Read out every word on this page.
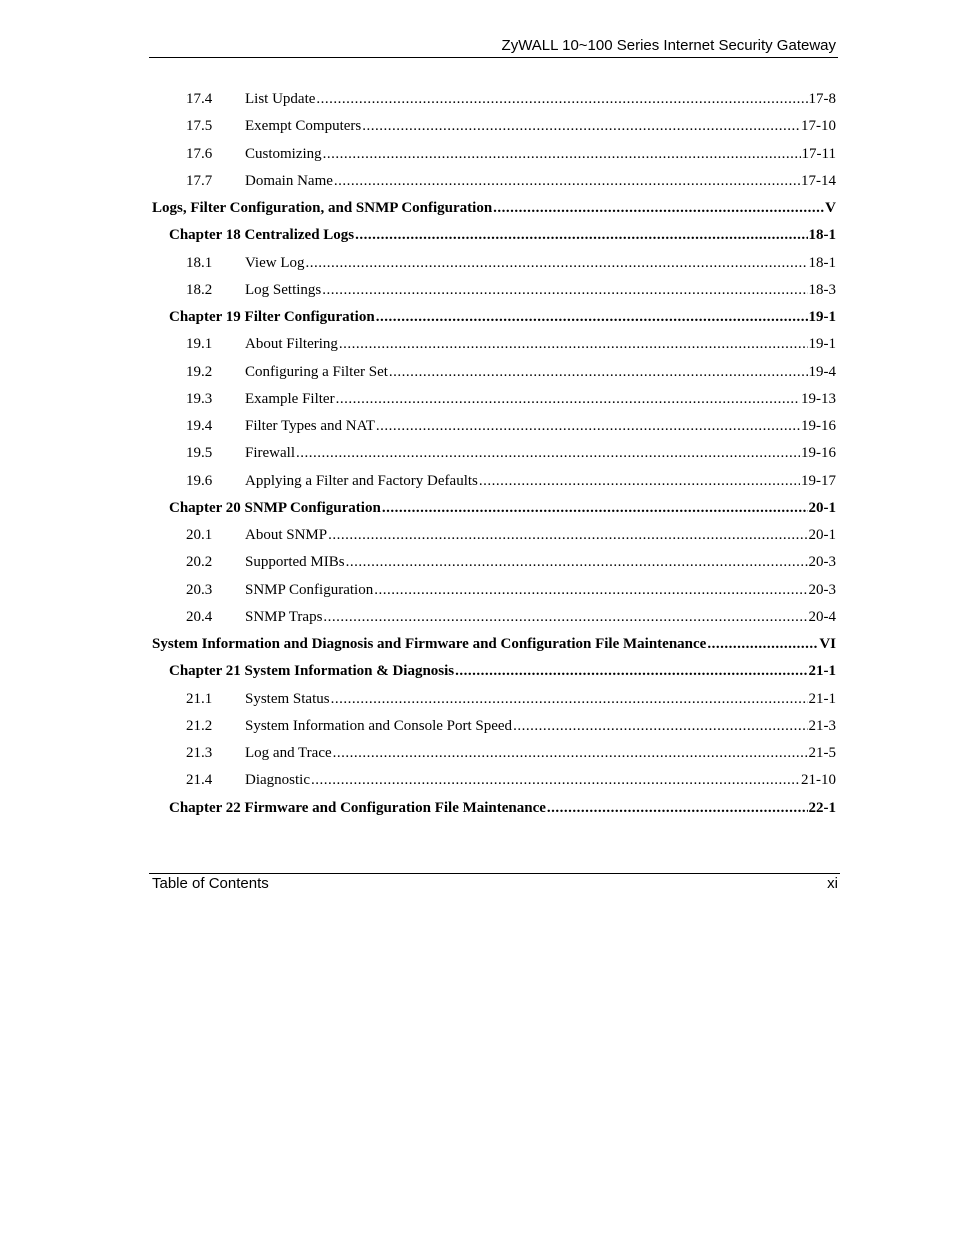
ZyWALL 10~100 Series Internet Security Gateway
17.4	List Update .....	17-8
17.5	Exempt Computers .....	17-10
17.6	Customizing .....	17-11
17.7	Domain Name .....	17-14
Logs, Filter Configuration, and SNMP Configuration .....	V
Chapter 18 Centralized Logs .....	18-1
18.1	View Log .....	18-1
18.2	Log Settings .....	18-3
Chapter 19 Filter Configuration .....	19-1
19.1	About Filtering .....	19-1
19.2	Configuring a Filter Set .....	19-4
19.3	Example Filter .....	19-13
19.4	Filter Types and NAT .....	19-16
19.5	Firewall .....	19-16
19.6	Applying a Filter and Factory Defaults .....	19-17
Chapter 20 SNMP Configuration .....	20-1
20.1	About SNMP .....	20-1
20.2	Supported MIBs .....	20-3
20.3	SNMP Configuration .....	20-3
20.4	SNMP Traps .....	20-4
System Information and Diagnosis and Firmware and Configuration File Maintenance .....	VI
Chapter 21 System Information & Diagnosis .....	21-1
21.1	System Status .....	21-1
21.2	System Information and Console Port Speed .....	21-3
21.3	Log and Trace .....	21-5
21.4	Diagnostic .....	21-10
Chapter 22 Firmware and Configuration File Maintenance .....	22-1
Table of Contents	xi
